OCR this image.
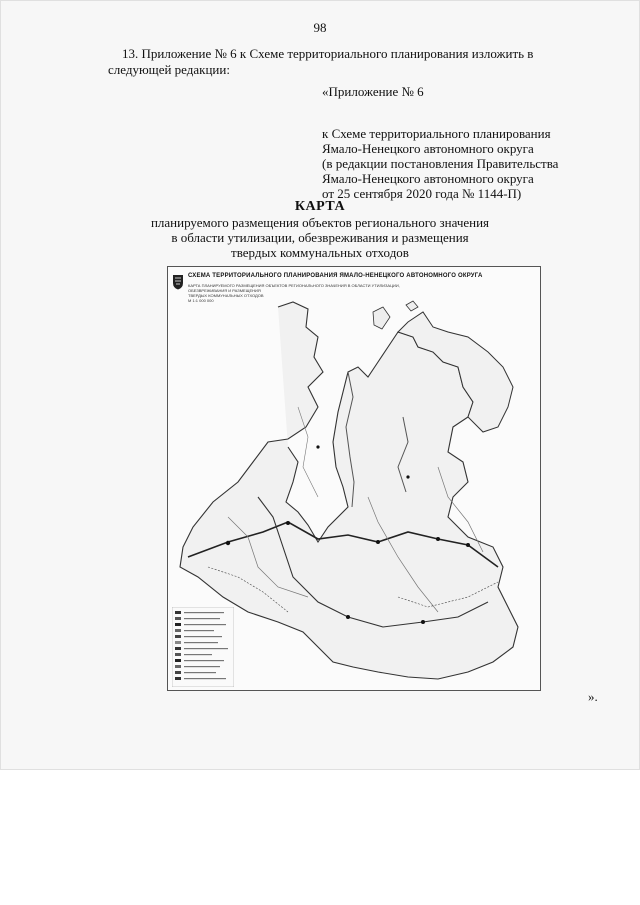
98
13. Приложение № 6 к Схеме территориального планирования изложить в
следующей редакции:
«Приложение № 6
к Схеме территориального планирования
Ямало-Ненецкого автономного округа
(в редакции постановления Правительства
Ямало-Ненецкого автономного округа
от 25 сентября 2020 года № 1144-П)
КАРТА
планируемого размещения объектов регионального значения
в области утилизации, обезвреживания и размещения
твердых коммунальных отходов
СХЕМА ТЕРРИТОРИАЛЬНОГО ПЛАНИРОВАНИЯ ЯМАЛО-НЕНЕЦКОГО АВТОНОМНОГО ОКРУГА
КАРТА ПЛАНИРУЕМОГО РАЗМЕЩЕНИЯ ОБЪЕКТОВ РЕГИОНАЛЬНОГО ЗНАЧЕНИЯ В ОБЛАСТИ УТИЛИЗАЦИИ, ОБЕЗВРЕЖИВАНИЯ И РАЗМЕЩЕНИЯ
ТВЕРДЫХ КОММУНАЛЬНЫХ ОТХОДОВ
М 1:1 000 000
».
